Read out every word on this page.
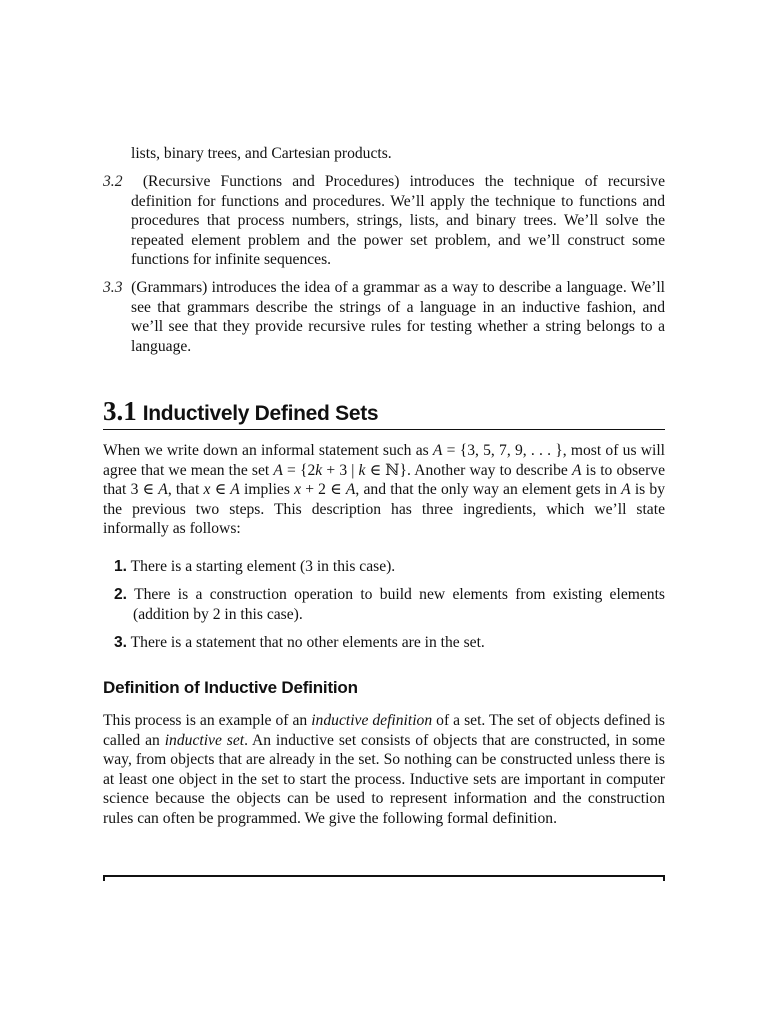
lists, binary trees, and Cartesian products.
3.2 (Recursive Functions and Procedures) introduces the technique of recursive definition for functions and procedures. We’ll apply the technique to functions and procedures that process numbers, strings, lists, and binary trees. We’ll solve the repeated element problem and the power set problem, and we’ll construct some functions for infinite sequences.
3.3 (Grammars) introduces the idea of a grammar as a way to describe a language. We’ll see that grammars describe the strings of a language in an inductive fashion, and we’ll see that they provide recursive rules for testing whether a string belongs to a language.
3.1 Inductively Defined Sets
When we write down an informal statement such as A = {3, 5, 7, 9, . . . }, most of us will agree that we mean the set A = {2k + 3 | k ∈ ℕ}. Another way to describe A is to observe that 3 ∈ A, that x ∈ A implies x + 2 ∈ A, and that the only way an element gets in A is by the previous two steps. This description has three ingredients, which we’ll state informally as follows:
1. There is a starting element (3 in this case).
2. There is a construction operation to build new elements from existing elements (addition by 2 in this case).
3. There is a statement that no other elements are in the set.
Definition of Inductive Definition
This process is an example of an inductive definition of a set. The set of objects defined is called an inductive set. An inductive set consists of objects that are constructed, in some way, from objects that are already in the set. So nothing can be constructed unless there is at least one object in the set to start the process. Inductive sets are important in computer science because the objects can be used to represent information and the construction rules can often be programmed. We give the following formal definition.
